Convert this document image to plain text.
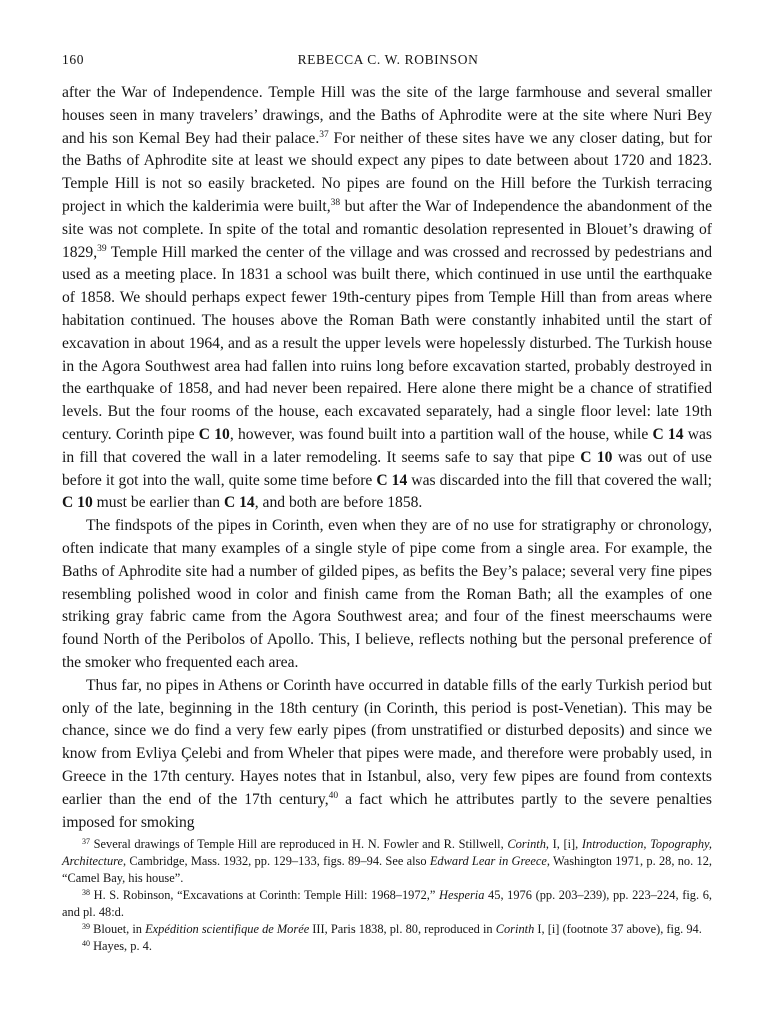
160	REBECCA C. W. ROBINSON

after the War of Independence. Temple Hill was the site of the large farmhouse and several smaller houses seen in many travelers’ drawings, and the Baths of Aphrodite were at the site where Nuri Bey and his son Kemal Bey had their palace.$^{37}$ For neither of these sites have we any closer dating, but for the Baths of Aphrodite site at least we should expect any pipes to date between about 1720 and 1823. Temple Hill is not so easily bracketed. No pipes are found on the Hill before the Turkish terracing project in which the kalderimia were built,$^{38}$ but after the War of Independence the abandonment of the site was not complete. In spite of the total and romantic desolation represented in Blouet’s drawing of 1829,39 Temple Hill marked the center of the village and was crossed and recrossed by pedestrians and used as a meeting place. In 1831 a school was built there, which continued in use until the earthquake of 1858. We should perhaps expect fewer 19th-century pipes from Temple Hill than from areas where habitation continued. The houses above the Roman Bath were constantly inhabited until the start of excavation in about 1964, and as a result the upper levels were hopelessly disturbed. The Turkish house in the Agora Southwest area had fallen into ruins long before excavation started, probably destroyed in the earthquake of 1858, and had never been repaired. Here alone there might be a chance of stratified levels. But the four rooms of the house, each excavated separately, had a single floor level: late 19th century. Corinth pipe C 10, however, was found built into a partition wall of the house, while C 14 was in fill that covered the wall in a later remodeling. It seems safe to say that pipe C 10 was out of use before it got into the wall, quite some time before C 14 was discarded into the fill that covered the wall; C 10 must be earlier than C 14, and both are before 1858.

The findspots of the pipes in Corinth, even when they are of no use for stratigraphy or chronology, often indicate that many examples of a single style of pipe come from a single area. For example, the Baths of Aphrodite site had a number of gilded pipes, as befits the Bey’s palace; several very fine pipes resembling polished wood in color and finish came from the Roman Bath; all the examples of one striking gray fabric came from the Agora Southwest area; and four of the finest meerschaums were found North of the Peribolos of Apollo. This, I believe, reflects nothing but the personal preference of the smoker who frequented each area.

Thus far, no pipes in Athens or Corinth have occurred in datable fills of the early Turkish period but only of the late, beginning in the 18th century (in Corinth, this period is post-Venetian). This may be chance, since we do find a very few early pipes (from unstratified or disturbed deposits) and since we know from Evliya Çelebi and from Wheler that pipes were made, and therefore were probably used, in Greece in the 17th century. Hayes notes that in Istanbul, also, very few pipes are found from contexts earlier than the end of the 17th century,$^{40}$ a fact which he attributes partly to the severe penalties imposed for smoking

$^{37}$ Several drawings of Temple Hill are reproduced in H. N. Fowler and R. Stillwell, Corinth, I, [i], Introduction, Topography, Architecture, Cambridge, Mass. 1932, pp. 129–133, figs. 89–94. See also Edward Lear in Greece, Washington 1971, p. 28, no. 12, “Camel Bay, his house”.

$^{38}$ H. S. Robinson, “Excavations at Corinth: Temple Hill: 1968–1972,” Hesperia 45, 1976 (pp. 203–239), pp. 223–224, fig. 6, and pl. 48:d.

$^{39}$ Blouet, in Expédition scientifique de Morée III, Paris 1838, pl. 80, reproduced in Corinth I, [i] (footnote 37 above), fig. 94.

$^{40}$ Hayes, p. 4.
